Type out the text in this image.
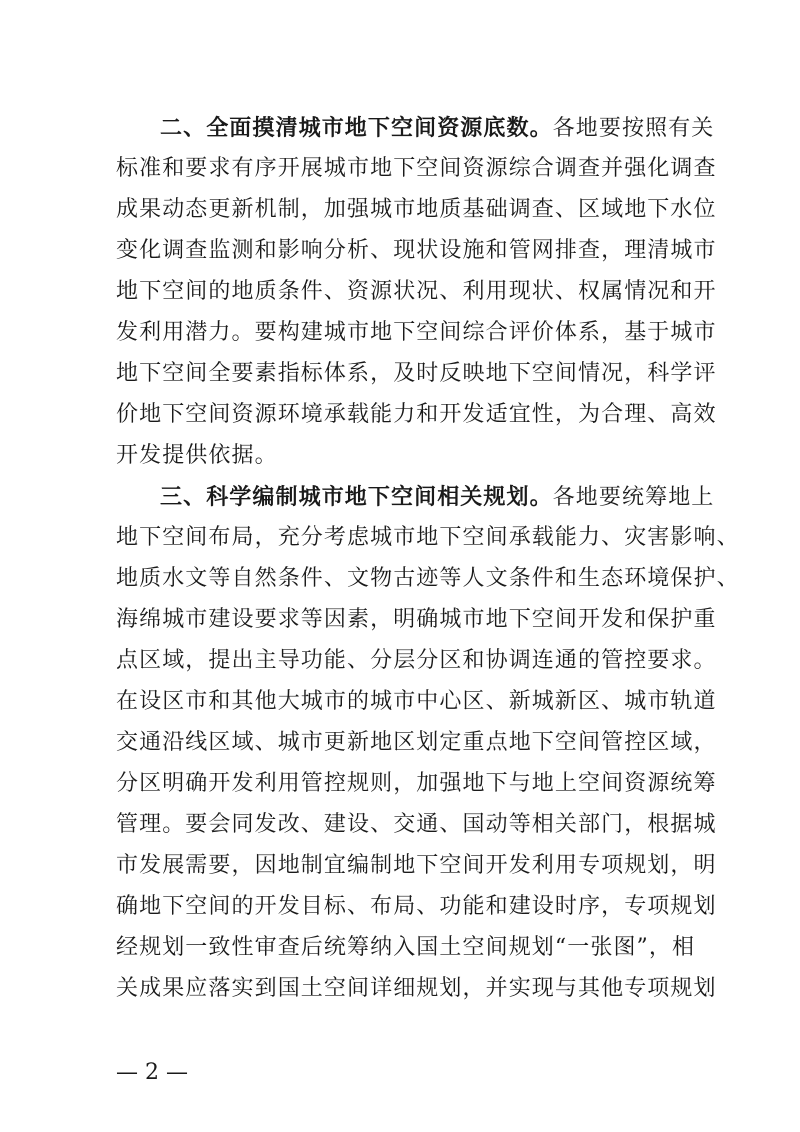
二、全面摸清城市地下空间资源底数。各地要按照有关
标准和要求有序开展城市地下空间资源综合调查并强化调查
成果动态更新机制，加强城市地质基础调查、区域地下水位
变化调查监测和影响分析、现状设施和管网排查，理清城市
地下空间的地质条件、资源状况、利用现状、权属情况和开
发利用潜力。要构建城市地下空间综合评价体系，基于城市
地下空间全要素指标体系，及时反映地下空间情况，科学评
价地下空间资源环境承载能力和开发适宜性，为合理、高效
开发提供依据。
三、科学编制城市地下空间相关规划。各地要统筹地上
地下空间布局，充分考虑城市地下空间承载能力、灾害影响、
地质水文等自然条件、文物古迹等人文条件和生态环境保护、
海绵城市建设要求等因素，明确城市地下空间开发和保护重
点区域，提出主导功能、分层分区和协调连通的管控要求。
在设区市和其他大城市的城市中心区、新城新区、城市轨道
交通沿线区域、城市更新地区划定重点地下空间管控区域，
分区明确开发利用管控规则，加强地下与地上空间资源统筹
管理。要会同发改、建设、交通、国动等相关部门，根据城
市发展需要，因地制宜编制地下空间开发利用专项规划，明
确地下空间的开发目标、布局、功能和建设时序，专项规划
经规划一致性审查后统筹纳入国土空间规划“一张图”，相
关成果应落实到国土空间详细规划，并实现与其他专项规划
— 2 —
